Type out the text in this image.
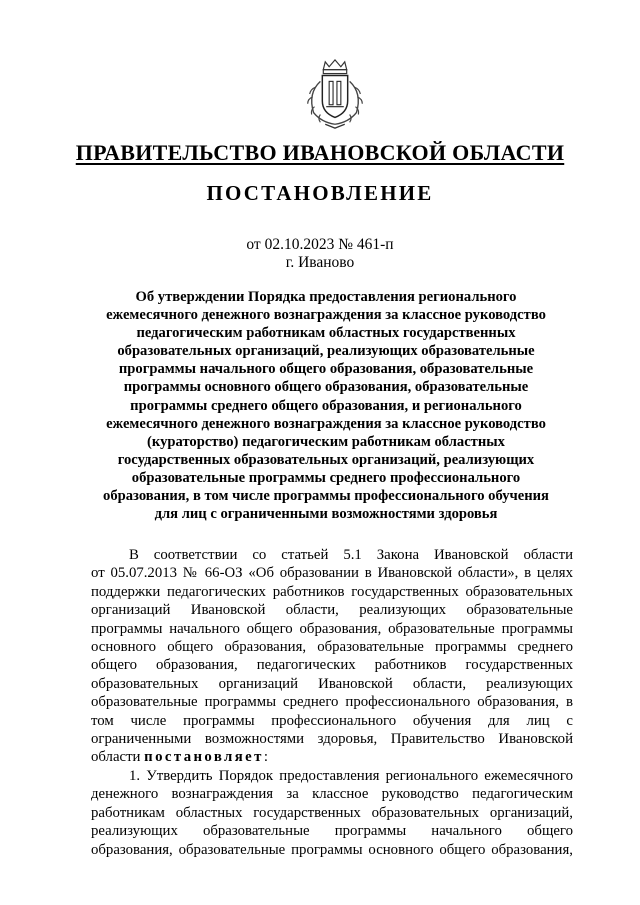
ПРАВИТЕЛЬСТВО ИВАНОВСКОЙ ОБЛАСТИ
ПОСТАНОВЛЕНИЕ
от 02.10.2023 № 461-п
г. Иваново
Об утверждении Порядка предоставления регионального
ежемесячного денежного вознаграждения за классное руководство
педагогическим работникам областных государственных
образовательных организаций, реализующих образовательные
программы начального общего образования, образовательные
программы основного общего образования, образовательные
программы среднего общего образования, и регионального
ежемесячного денежного вознаграждения за классное руководство
(кураторство) педагогическим работникам областных
государственных образовательных организаций, реализующих
образовательные программы среднего профессионального
образования, в том числе программы профессионального обучения
для лиц с ограниченными возможностями здоровья
В соответствии со статьей 5.1 Закона Ивановской области
от 05.07.2013 № 66-ОЗ «Об образовании в Ивановской области», в целях
поддержки педагогических работников государственных образовательных
организаций Ивановской области, реализующих образовательные
программы начального общего образования, образовательные программы
основного общего образования, образовательные программы среднего
общего образования, педагогических работников государственных
образовательных организаций Ивановской области, реализующих
образовательные программы среднего профессионального образования, в
том числе программы профессионального обучения для лиц с
ограниченными возможностями здоровья, Правительство Ивановской
области постановляет:
1. Утвердить Порядок предоставления регионального ежемесячного
денежного вознаграждения за классное руководство педагогическим
работникам областных государственных образовательных организаций,
реализующих образовательные программы начального общего
образования, образовательные программы основного общего образования,
